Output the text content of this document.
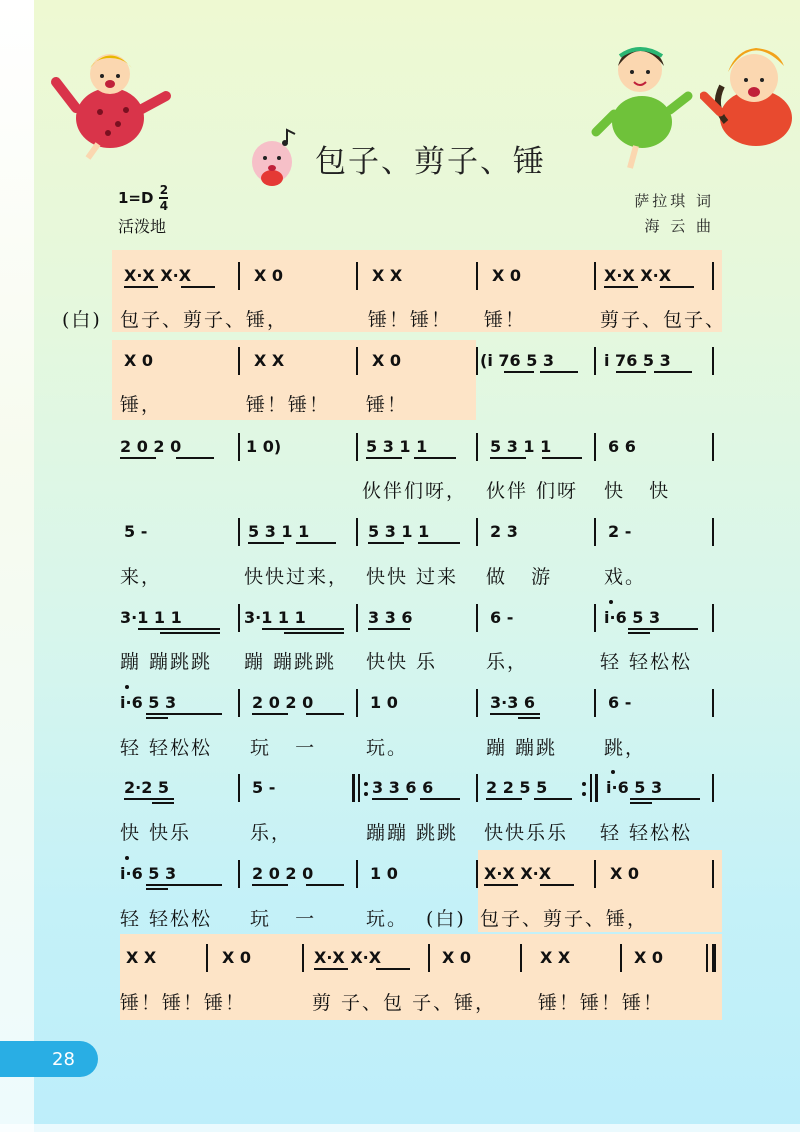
包子、剪子、锤
1=D 2
4
活泼地
萨拉琪 词
海 云 曲
X·X X·X	X 0	X X	X 0	X·X X·X
(白) 包子、剪子、锤，	锤！锤！ 锤！	剪子、包子、
X 0	X X	X 0	(i 76 5 3	i 76 5 3
锤，	锤！锤！ 锤！
2 0 2 0	1 0)	5 3 1 1	5 3 1 1	6 6
伙伴们呀， 伙伴 们呀 快   快
5 -	5 3 1 1	5 3 1 1	2 3	2 -
来，	快快过来， 快快 过来 做   游	戏。
3·1 1 1	3·1 1 1	3 3 6	6 -	i·6 5 3
蹦 蹦跳跳 蹦 蹦跳跳 快快 乐	乐，	轻 轻松松
i·6 5 3	2 0 2 0	1 0	3·3 6	6 -
轻 轻松松 玩   一	玩。	蹦 蹦跳 跳，
2·2 5	5 -	3 3 6 6	2 2 5 5	i·6 5 3
快 快乐	乐，	蹦蹦 跳跳 快快乐乐 轻 轻松松
i·6 5 3	2 0 2 0	1 0	X·X X·X	X 0
轻 轻松松 玩   一	玩。 (白) 包子、剪子、锤，
X X	X 0	X·X X·X	X 0	X X	X 0
锤！锤！锤！	剪 子、包 子、锤， 锤！锤！锤！
28
